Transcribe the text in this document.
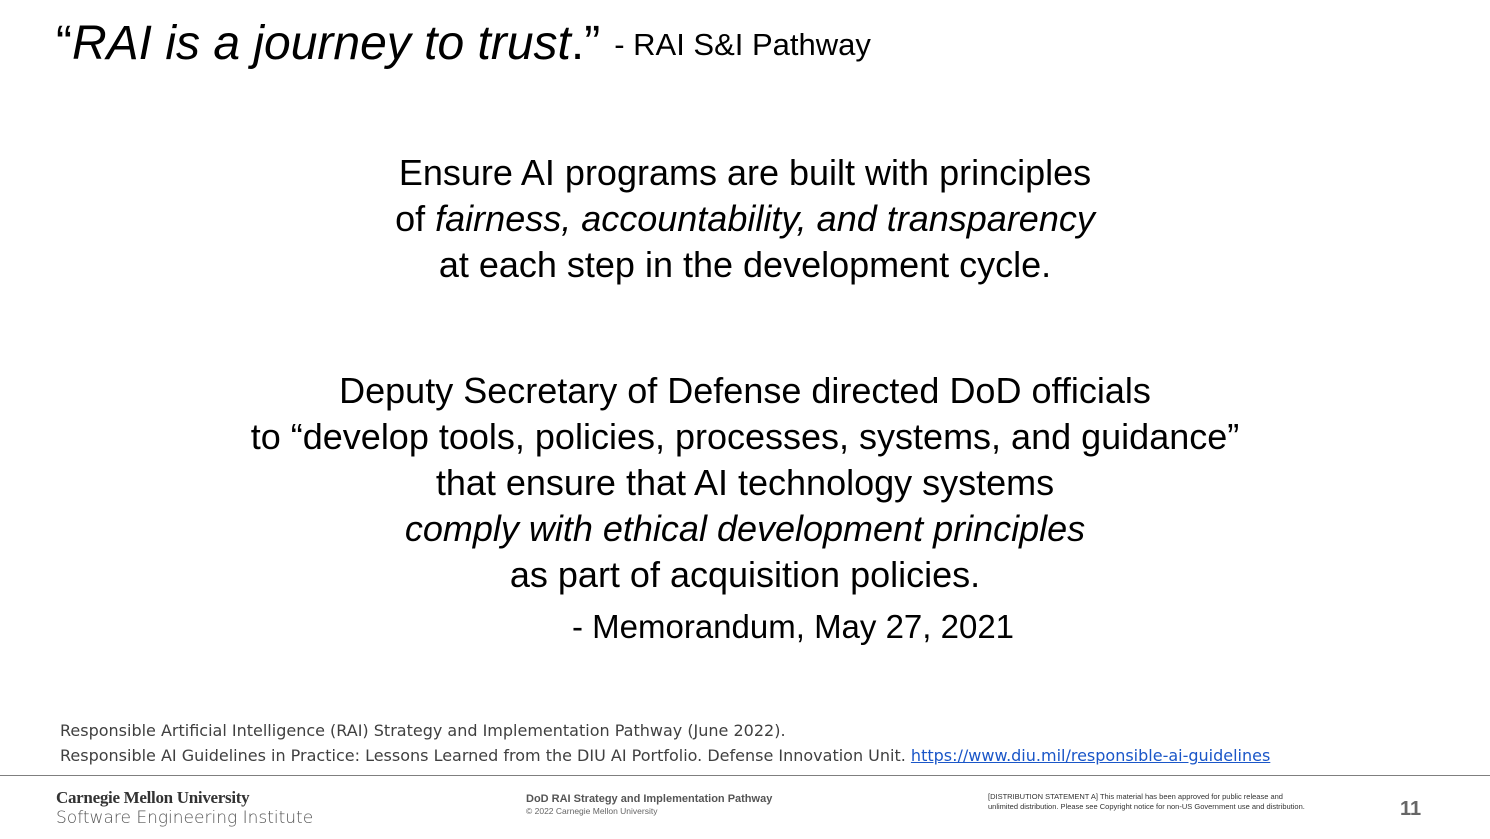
“RAI is a journey to trust.” - RAI S&I Pathway
Ensure AI programs are built with principles
of fairness, accountability, and transparency
at each step in the development cycle.
Deputy Secretary of Defense directed DoD officials
to “develop tools, policies, processes, systems, and guidance”
that ensure that AI technology systems
comply with ethical development principles
as part of acquisition policies.
- Memorandum, May 27, 2021
Responsible Artificial Intelligence (RAI) Strategy and Implementation Pathway (June 2022).
Responsible AI Guidelines in Practice: Lessons Learned from the DIU AI Portfolio. Defense Innovation Unit. https://www.diu.mil/responsible-ai-guidelines
Carnegie Mellon University
Software Engineering Institute
DoD RAI Strategy and Implementation Pathway
© 2022 Carnegie Mellon University
[DISTRIBUTION STATEMENT A] This material has been approved for public release and
unlimited distribution. Please see Copyright notice for non-US Government use and distribution.	11
